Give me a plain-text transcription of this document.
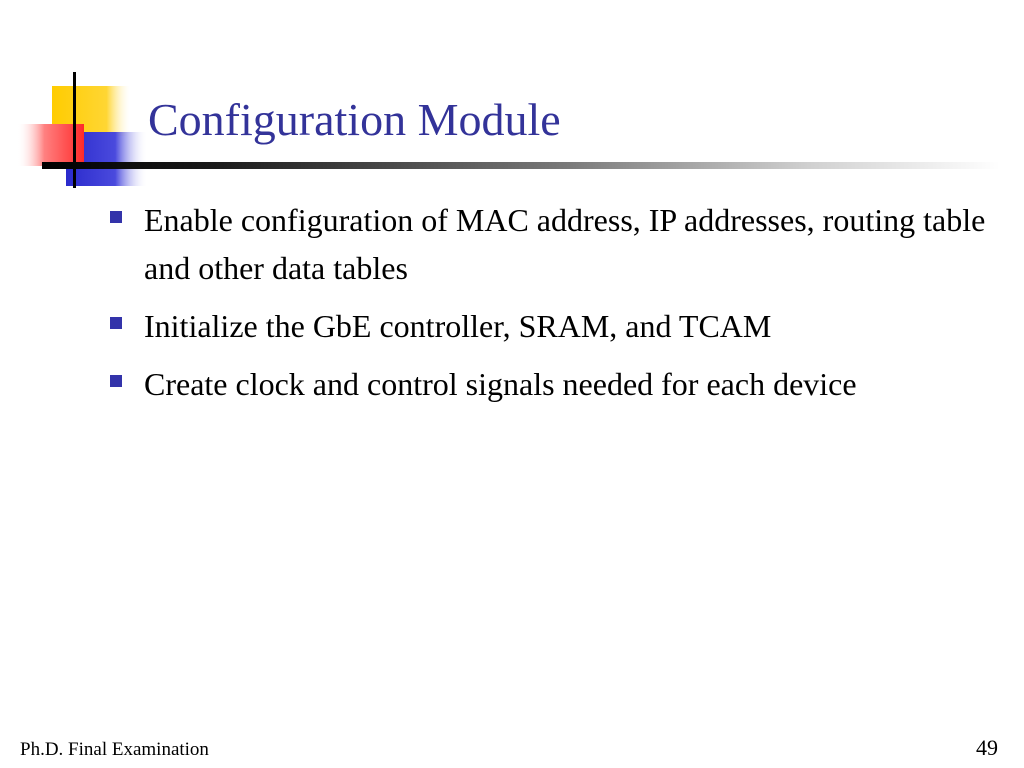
Configuration Module
Enable configuration of MAC address, IP addresses, routing table and other data tables
Initialize the GbE controller, SRAM, and TCAM
Create clock and control signals needed for each device
Ph.D. Final Examination	49
